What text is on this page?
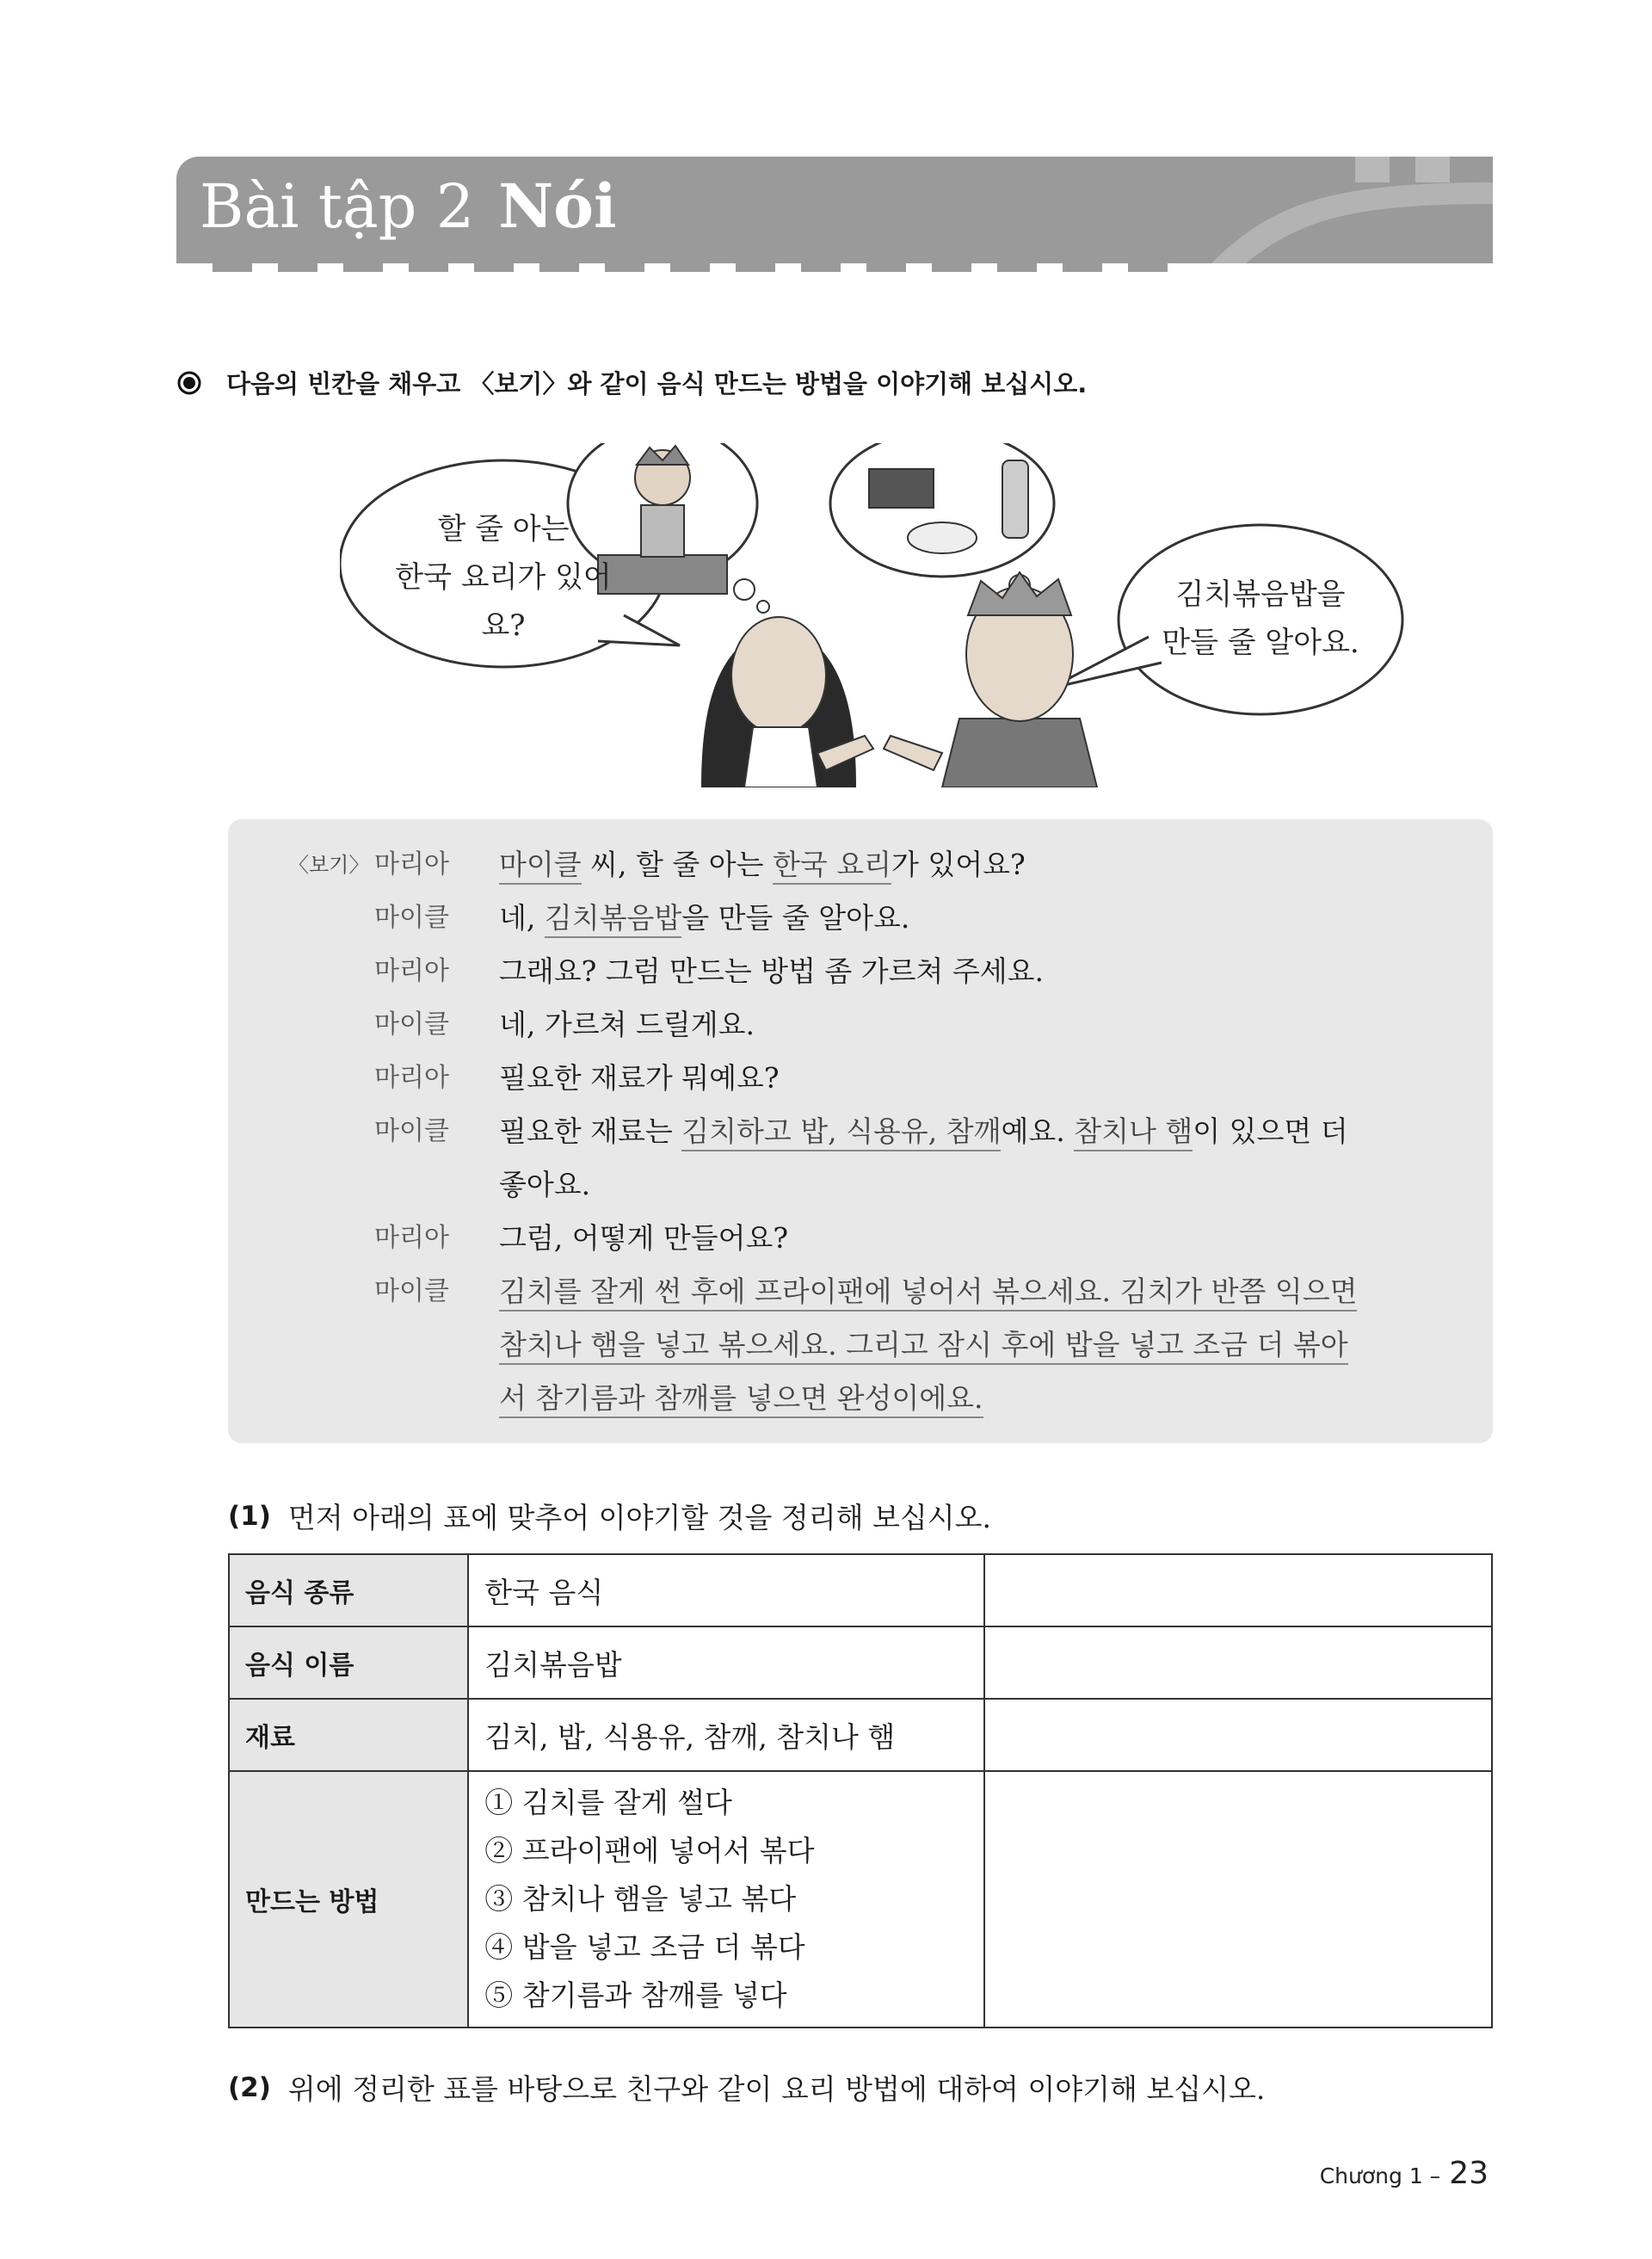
Bài tập 2 Nói
다음의 빈칸을 채우고 〈보기〉와 같이 음식 만드는 방법을 이야기해 보십시오.
할 줄 아는
한국 요리가 있어요?
김치볶음밥을
만들 줄 알아요.
〈보기〉 마리아 마이클 씨, 할 줄 아는 한국 요리가 있어요?
마이클 네, 김치볶음밥을 만들 줄 알아요.
마리아 그래요? 그럼 만드는 방법 좀 가르쳐 주세요.
마이클 네, 가르쳐 드릴게요.
마리아 필요한 재료가 뭐예요?
마이클 필요한 재료는 김치하고 밥, 식용유, 참깨예요. 참치나 햄이 있으면 더
좋아요.
마리아 그럼, 어떻게 만들어요?
마이클 김치를 잘게 썬 후에 프라이팬에 넣어서 볶으세요. 김치가 반쯤 익으면
참치나 햄을 넣고 볶으세요. 그리고 잠시 후에 밥을 넣고 조금 더 볶아
서 참기름과 참깨를 넣으면 완성이에요.
(1) 먼저 아래의 표에 맞추어 이야기할 것을 정리해 보십시오.
음식 종류	한국 음식	
음식 이름	김치볶음밥	
재료	김치, 밥, 식용유, 참깨, 참치나 햄	
만드는 방법	① 김치를 잘게 썰다
② 프라이팬에 넣어서 볶다
③ 참치나 햄을 넣고 볶다
④ 밥을 넣고 조금 더 볶다
⑤ 참기름과 참깨를 넣다	

(2) 위에 정리한 표를 바탕으로 친구와 같이 요리 방법에 대하여 이야기해 보십시오.
Chương 1 – 23
